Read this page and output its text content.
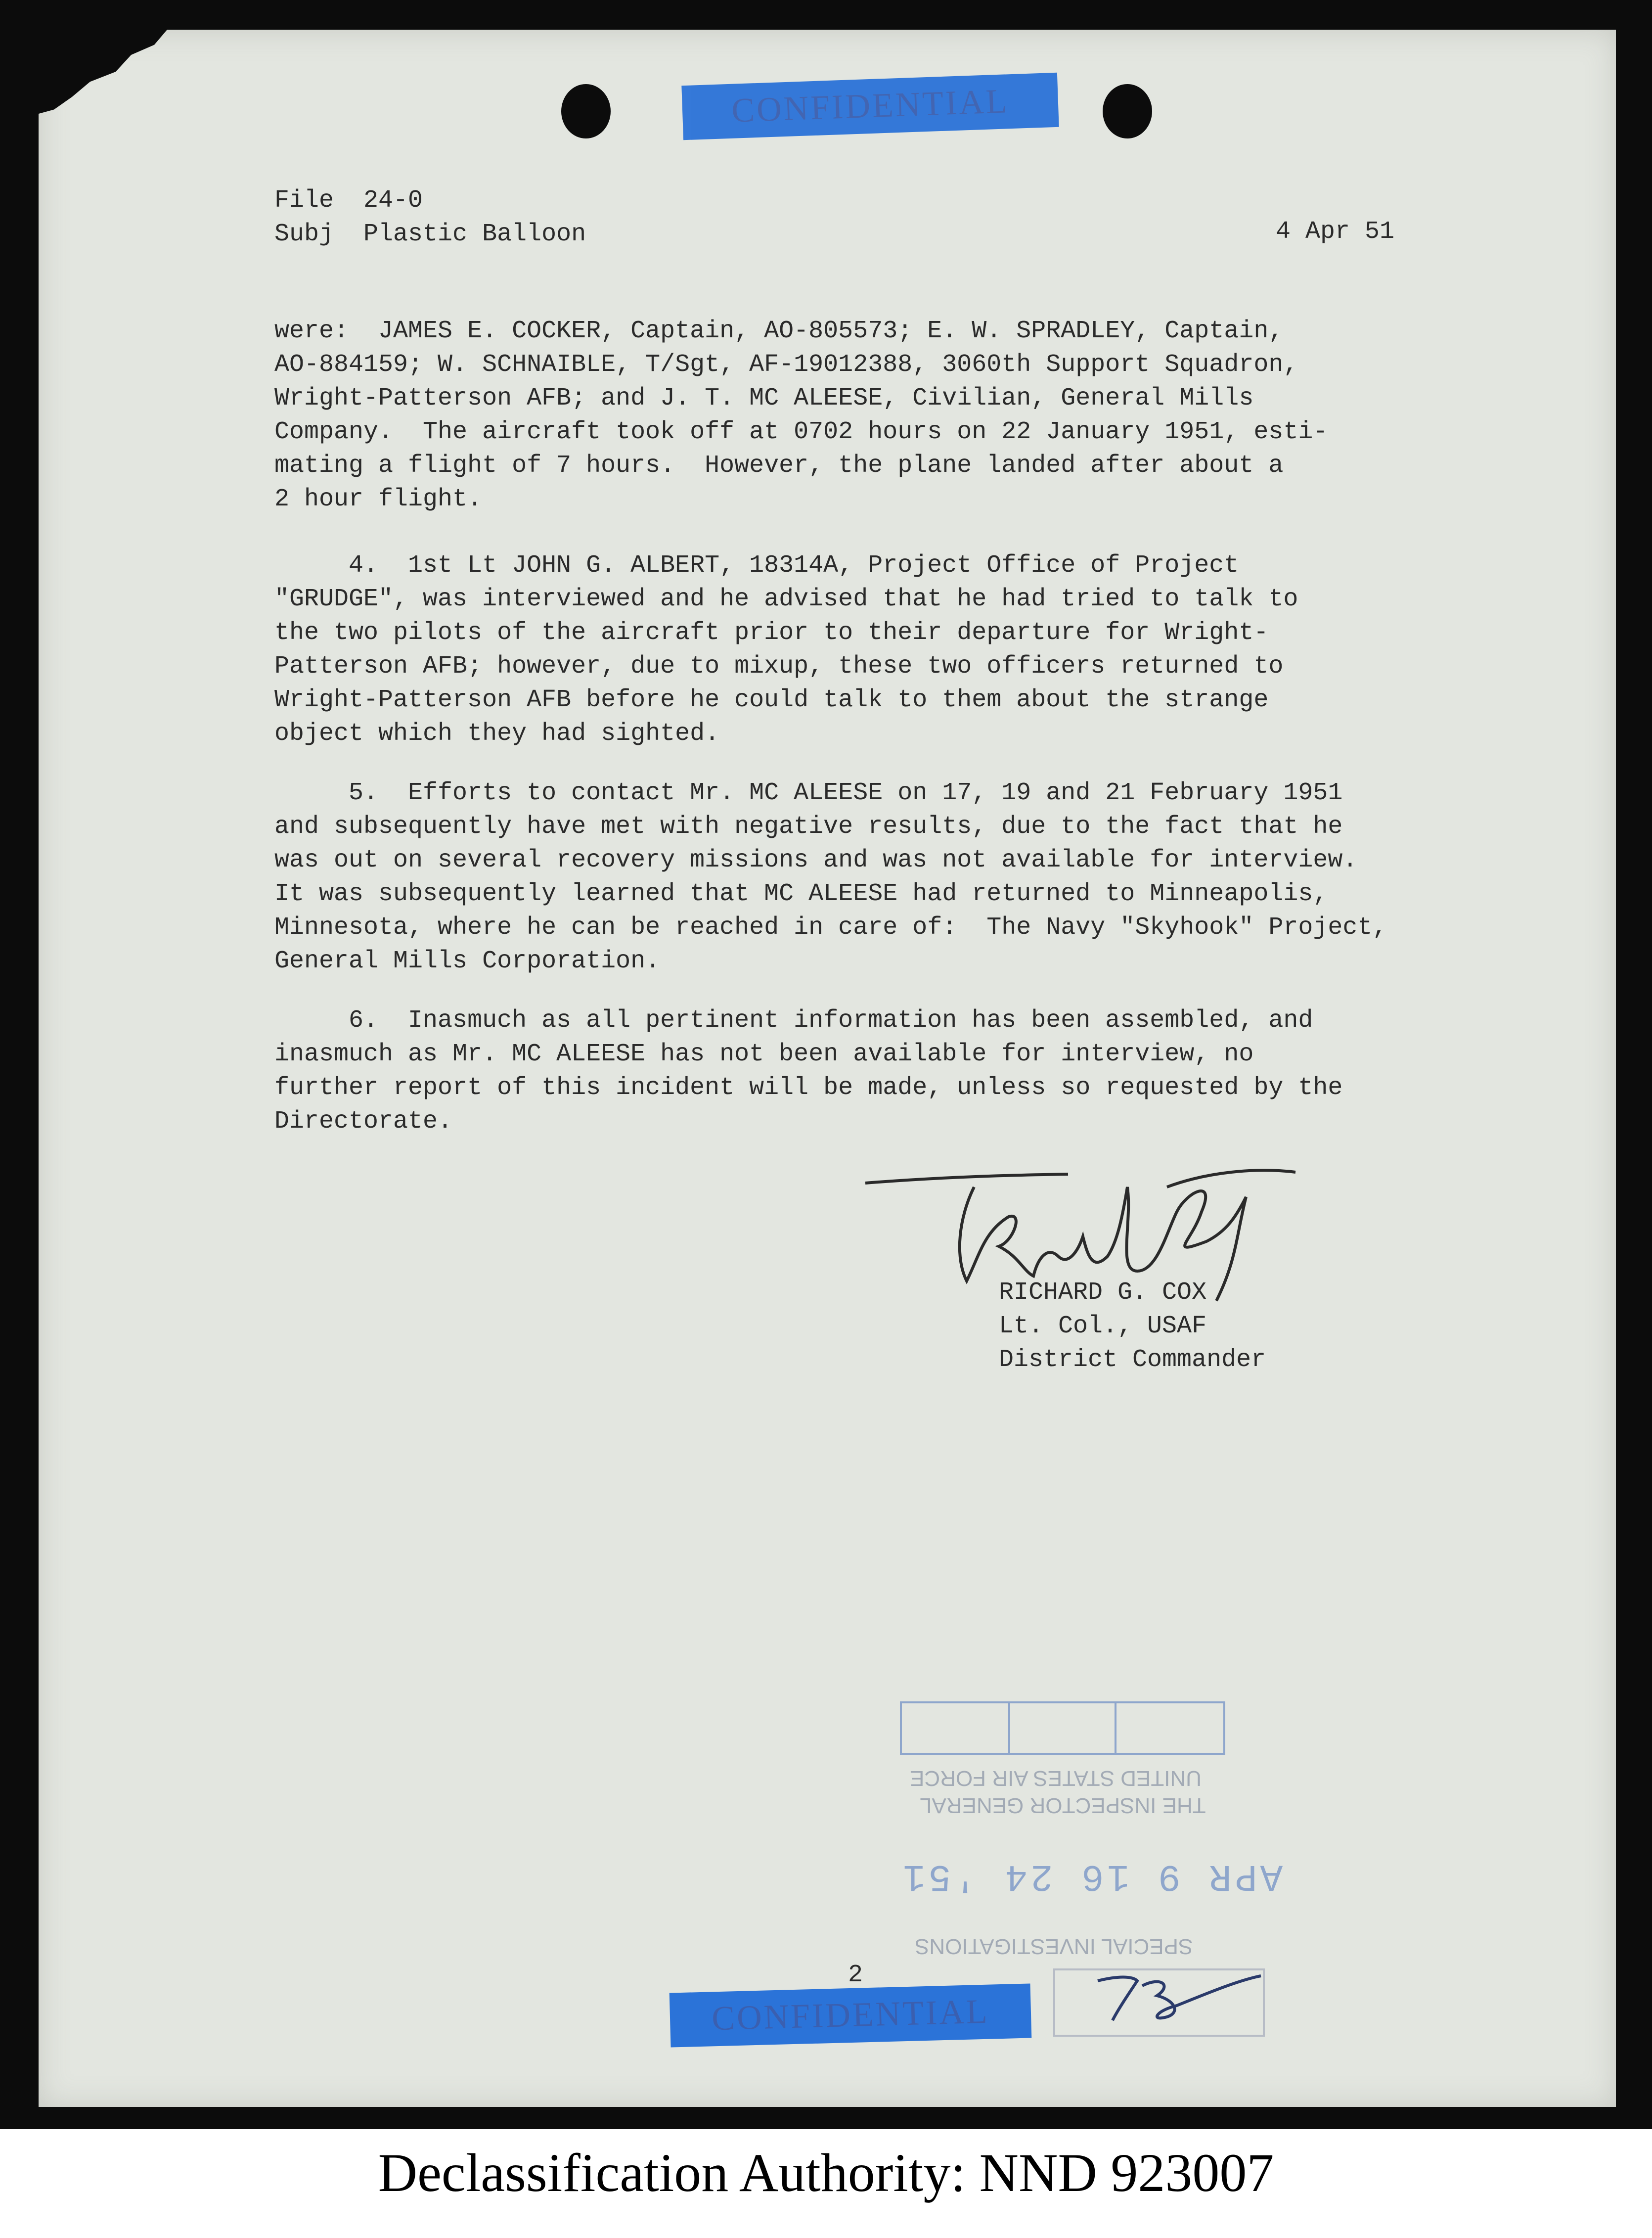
CONFIDENTIAL
File  24-0
Subj  Plastic Balloon	4 Apr 51
were:  JAMES E. COCKER, Captain, AO-805573; E. W. SPRADLEY, Captain,
AO-884159; W. SCHNAIBLE, T/Sgt, AF-19012388, 3060th Support Squadron,
Wright-Patterson AFB; and J. T. MC ALEESE, Civilian, General Mills
Company.  The aircraft took off at 0702 hours on 22 January 1951, esti-
mating a flight of 7 hours.  However, the plane landed after about a
2 hour flight.
4.  1st Lt JOHN G. ALBERT, 18314A, Project Office of Project
"GRUDGE", was interviewed and he advised that he had tried to talk to
the two pilots of the aircraft prior to their departure for Wright-
Patterson AFB; however, due to mixup, these two officers returned to
Wright-Patterson AFB before he could talk to them about the strange
object which they had sighted.
5.  Efforts to contact Mr. MC ALEESE on 17, 19 and 21 February 1951
and subsequently have met with negative results, due to the fact that he
was out on several recovery missions and was not available for interview.
It was subsequently learned that MC ALEESE had returned to Minneapolis,
Minnesota, where he can be reached in care of:  The Navy "Skyhook" Project,
General Mills Corporation.
6.  Inasmuch as all pertinent information has been assembled, and
inasmuch as Mr. MC ALEESE has not been available for interview, no
further report of this incident will be made, unless so requested by the
Directorate.
RICHARD G. COX
Lt. Col., USAF
District Commander
UNITED STATES AIR FORCE
THE INSPECTOR GENERAL
APR 9 16 24 '51
SPECIAL INVESTIGATIONS
2
CONFIDENTIAL
Declassification Authority: NND 923007
